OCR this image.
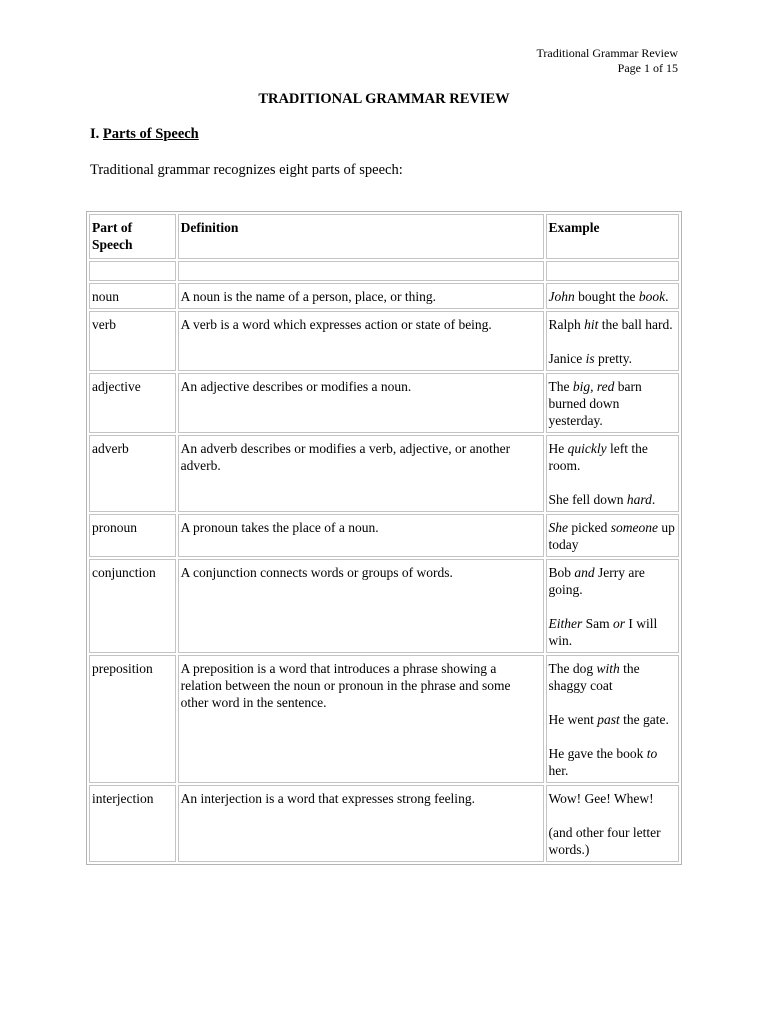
Traditional Grammar Review
Page 1 of 15
TRADITIONAL GRAMMAR REVIEW
I. Parts of Speech
Traditional grammar recognizes eight parts of speech:
Part of Speech	Definition	Example

noun	A noun is the name of a person, place, or thing.	John bought the book.

verb	A verb is a word which expresses action or state of being.	Ralph hit the ball hard.
Janice is pretty.

adjective	An adjective describes or modifies a noun.	The big, red barn burned down yesterday.

adverb	An adverb describes or modifies a verb, adjective, or another adverb.	He quickly left the room.
She fell down hard.

pronoun	A pronoun takes the place of a noun.	She picked someone up today

conjunction	A conjunction connects words or groups of words.	Bob and Jerry are going.
Either Sam or I will win.

preposition	A preposition is a word that introduces a phrase showing a relation between the noun or pronoun in the phrase and some other word in the sentence.	The dog with the shaggy coat
He went past the gate.
He gave the book to her.

interjection	An interjection is a word that expresses strong feeling.	Wow! Gee! Whew!
(and other four letter words.)
